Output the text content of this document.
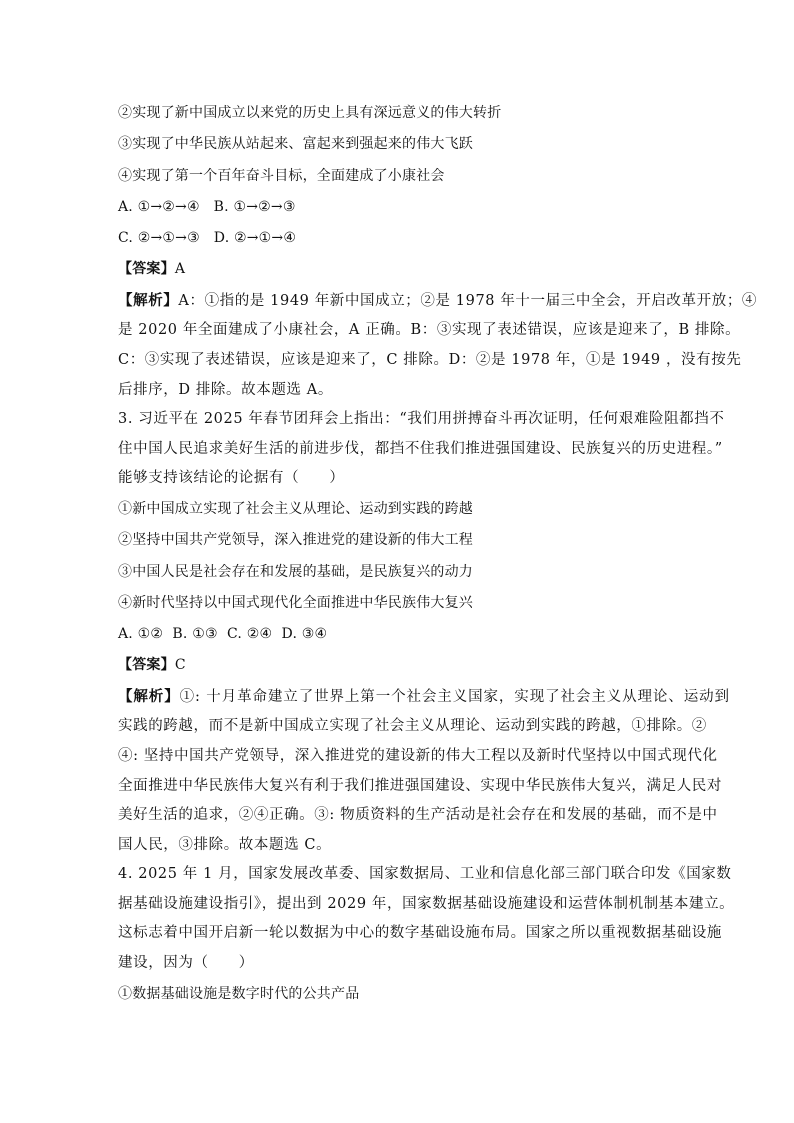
②实现了新中国成立以来党的历史上具有深远意义的伟大转折
③实现了中华民族从站起来、富起来到强起来的伟大飞跃
④实现了第一个百年奋斗目标，全面建成了小康社会
A. ①→②→④   B. ①→②→③
C. ②→①→③   D. ②→①→④
【答案】A
【解析】A：①指的是 1949 年新中国成立；②是 1978 年十一届三中全会，开启改革开放；④
是 2020 年全面建成了小康社会，A 正确。B：③实现了表述错误，应该是迎来了，B 排除。
C：③实现了表述错误，应该是迎来了，C 排除。D：②是 1978 年，①是 1949 ，没有按先
后排序，D 排除。故本题选 A。
3. 习近平在 2025 年春节团拜会上指出：“我们用拼搏奋斗再次证明，任何艰难险阻都挡不
住中国人民追求美好生活的前进步伐，都挡不住我们推进强国建设、民族复兴的历史进程。”
能够支持该结论的论据有（　　）
①新中国成立实现了社会主义从理论、运动到实践的跨越
②坚持中国共产党领导，深入推进党的建设新的伟大工程
③中国人民是社会存在和发展的基础，是民族复兴的动力
④新时代坚持以中国式现代化全面推进中华民族伟大复兴
A. ①②  B. ①③  C. ②④  D. ③④
【答案】C
【解析】①: 十月革命建立了世界上第一个社会主义国家，实现了社会主义从理论、运动到
实践的跨越，而不是新中国成立实现了社会主义从理论、运动到实践的跨越，①排除。②
④: 坚持中国共产党领导，深入推进党的建设新的伟大工程以及新时代坚持以中国式现代化
全面推进中华民族伟大复兴有利于我们推进强国建设、实现中华民族伟大复兴，满足人民对
美好生活的追求，②④正确。③: 物质资料的生产活动是社会存在和发展的基础，而不是中
国人民，③排除。故本题选 C。
4. 2025 年 1 月，国家发展改革委、国家数据局、工业和信息化部三部门联合印发《国家数
据基础设施建设指引》，提出到 2029 年，国家数据基础设施建设和运营体制机制基本建立。
这标志着中国开启新一轮以数据为中心的数字基础设施布局。国家之所以重视数据基础设施
建设，因为（　　）
①数据基础设施是数字时代的公共产品
